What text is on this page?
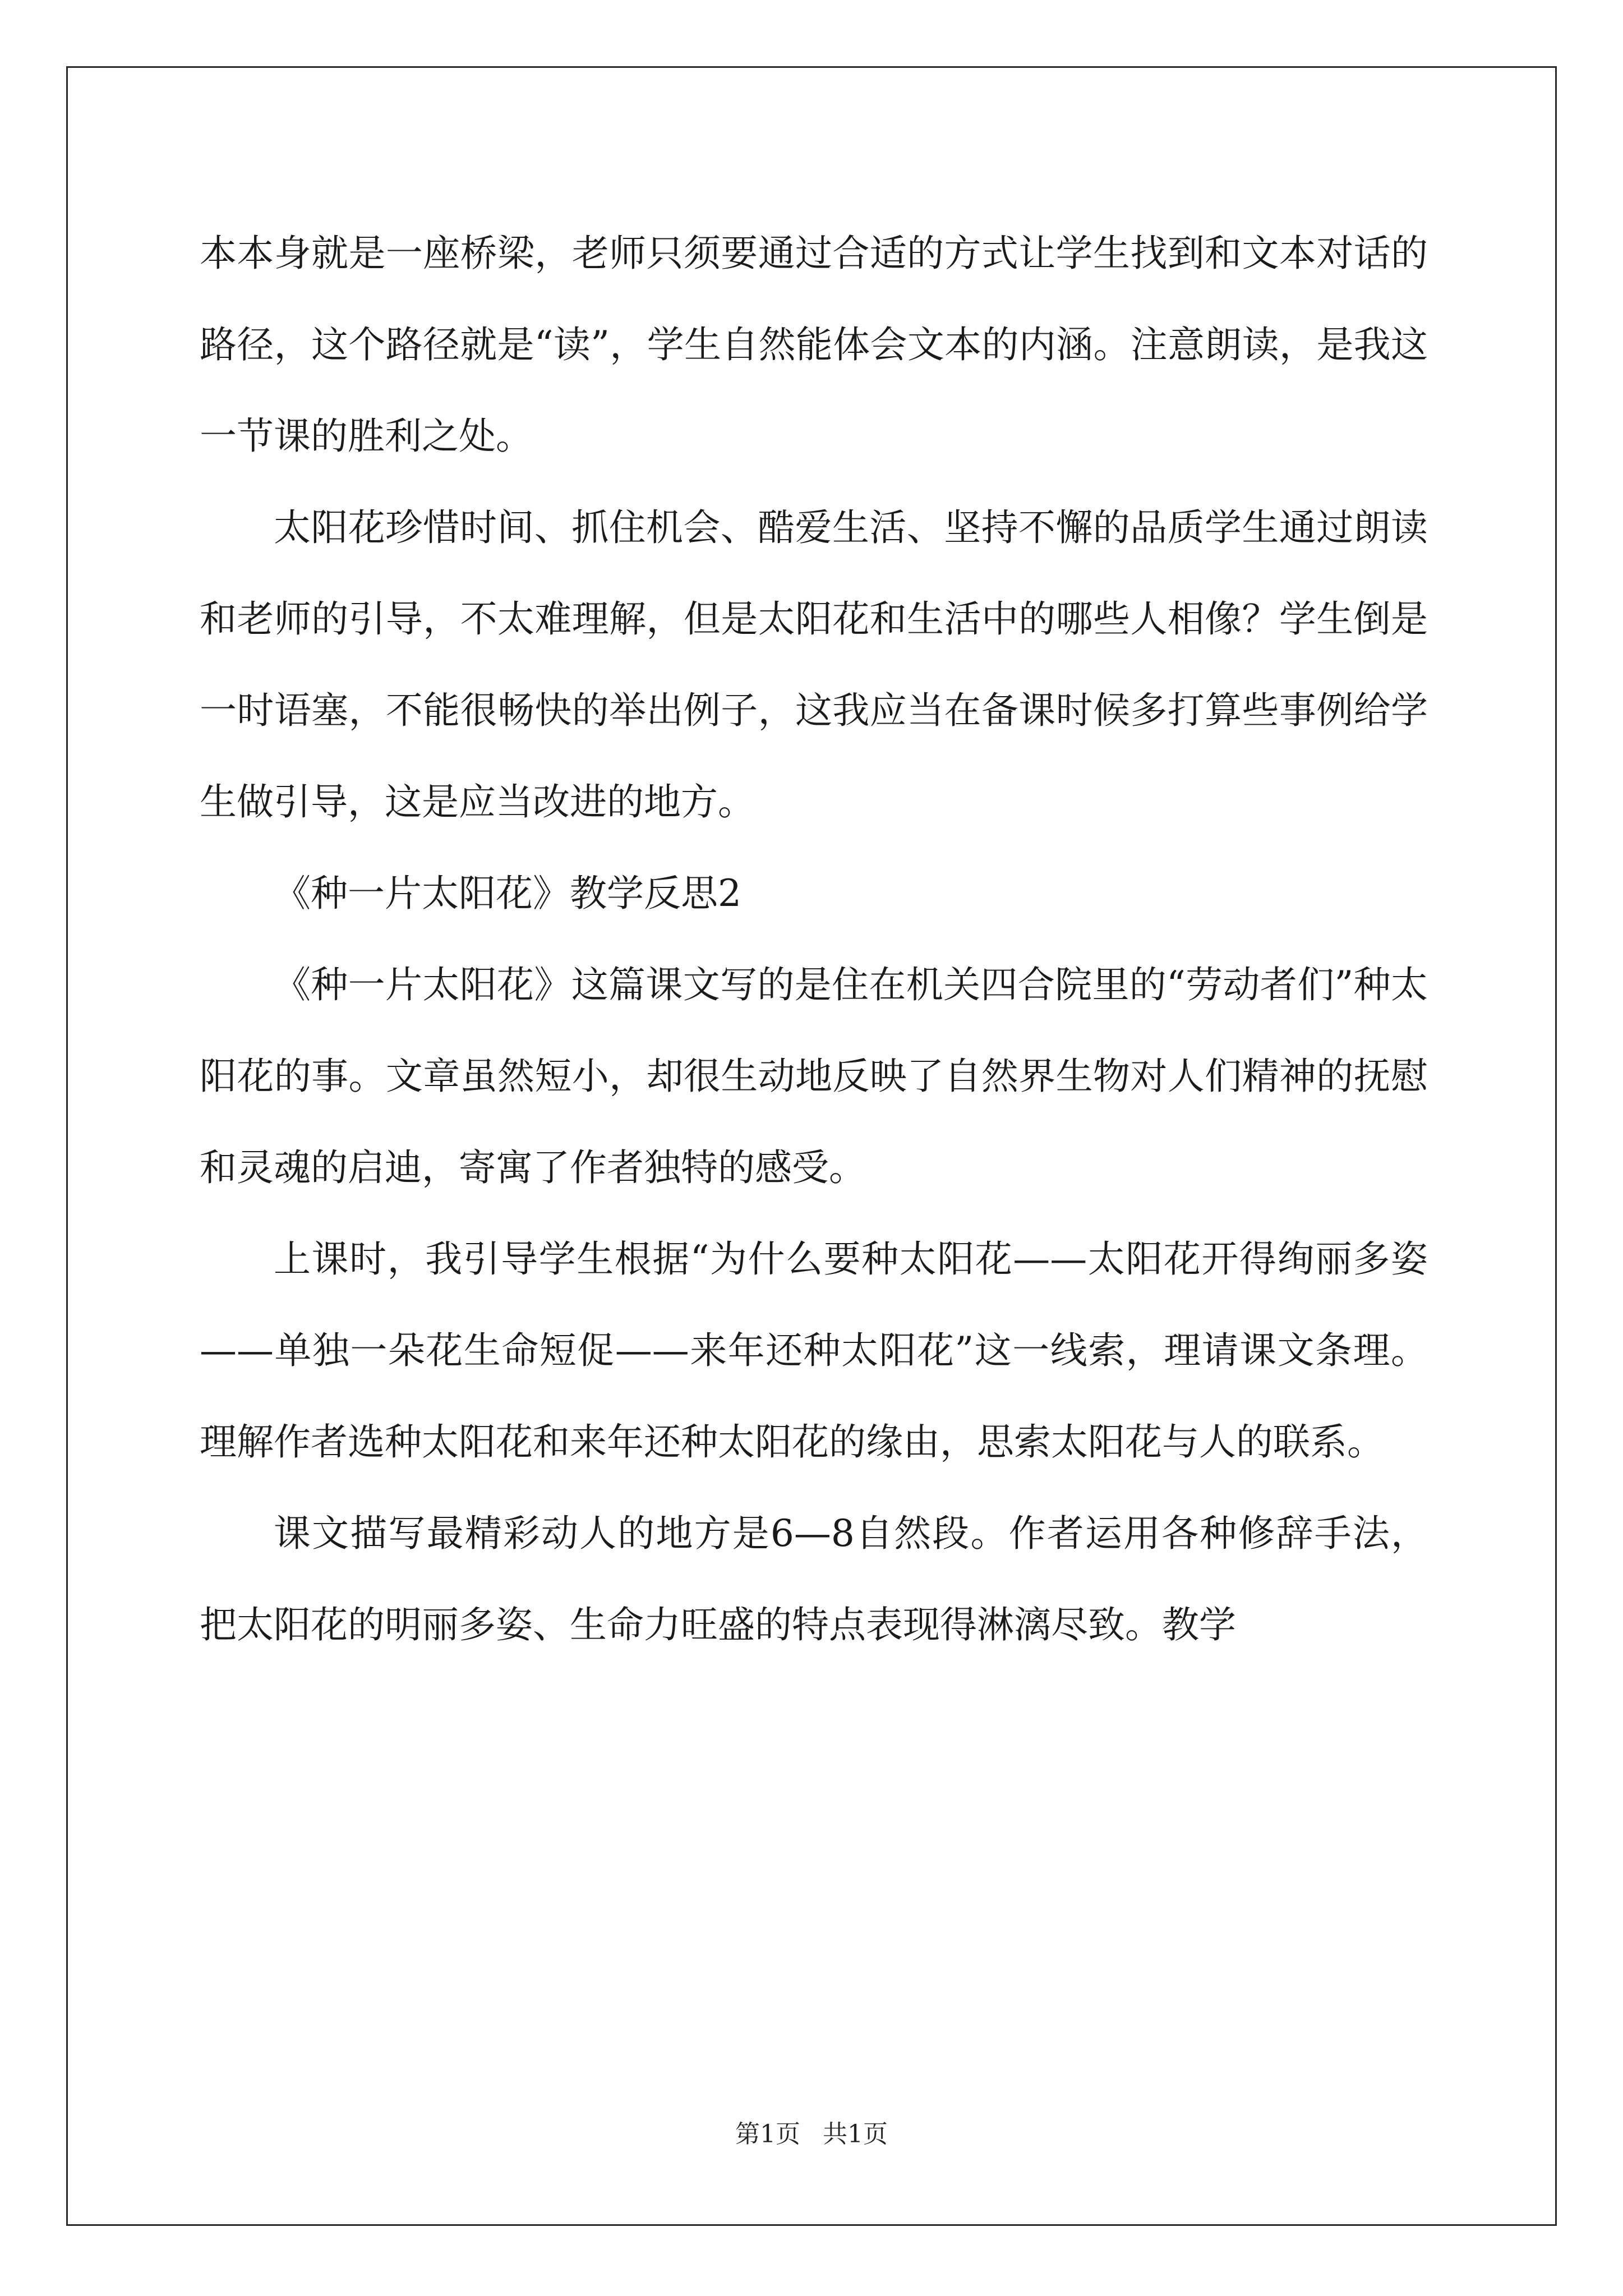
本本身就是一座桥梁，老师只须要通过合适的方式让学生找到和文本对话的路径，这个路径就是“读”，学生自然能体会文本的内涵。注意朗读，是我这一节课的胜利之处。

太阳花珍惜时间、抓住机会、酷爱生活、坚持不懈的品质学生通过朗读和老师的引导，不太难理解，但是太阳花和生活中的哪些人相像？学生倒是一时语塞，不能很畅快的举出例子，这我应当在备课时候多打算些事例给学生做引导，这是应当改进的地方。

《种一片太阳花》教学反思2

《种一片太阳花》这篇课文写的是住在机关四合院里的“劳动者们”种太阳花的事。文章虽然短小，却很生动地反映了自然界生物对人们精神的抚慰和灵魂的启迪，寄寓了作者独特的感受。

上课时，我引导学生根据“为什么要种太阳花——太阳花开得绚丽多姿——单独一朵花生命短促——来年还种太阳花”这一线索，理请课文条理。理解作者选种太阳花和来年还种太阳花的缘由，思索太阳花与人的联系。

课文描写最精彩动人的地方是6—8自然段。作者运用各种修辞手法，把太阳花的明丽多姿、生命力旺盛的特点表现得淋漓尽致。教学

第1页 共1页
